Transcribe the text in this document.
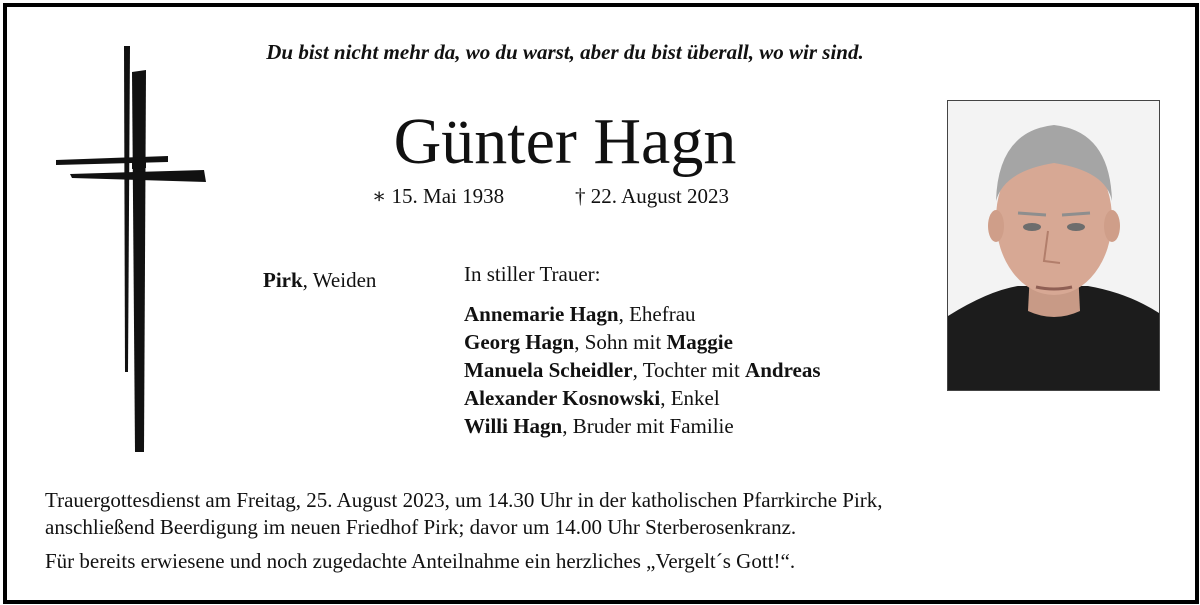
Du bist nicht mehr da, wo du warst, aber du bist überall, wo wir sind.
Günter Hagn
∗ 15. Mai 1938	† 22. August 2023
Pirk, Weiden	In stiller Trauer:
Annemarie Hagn, Ehefrau
Georg Hagn, Sohn mit Maggie
Manuela Scheidler, Tochter mit Andreas
Alexander Kosnowski, Enkel
Willi Hagn, Bruder mit Familie
Trauergottesdienst am Freitag, 25. August 2023, um 14.30 Uhr in der katholischen Pfarrkirche Pirk,
anschließend Beerdigung im neuen Friedhof Pirk; davor um 14.00 Uhr Sterberosenkranz.
Für bereits erwiesene und noch zugedachte Anteilnahme ein herzliches „Vergelt´s Gott!“.
